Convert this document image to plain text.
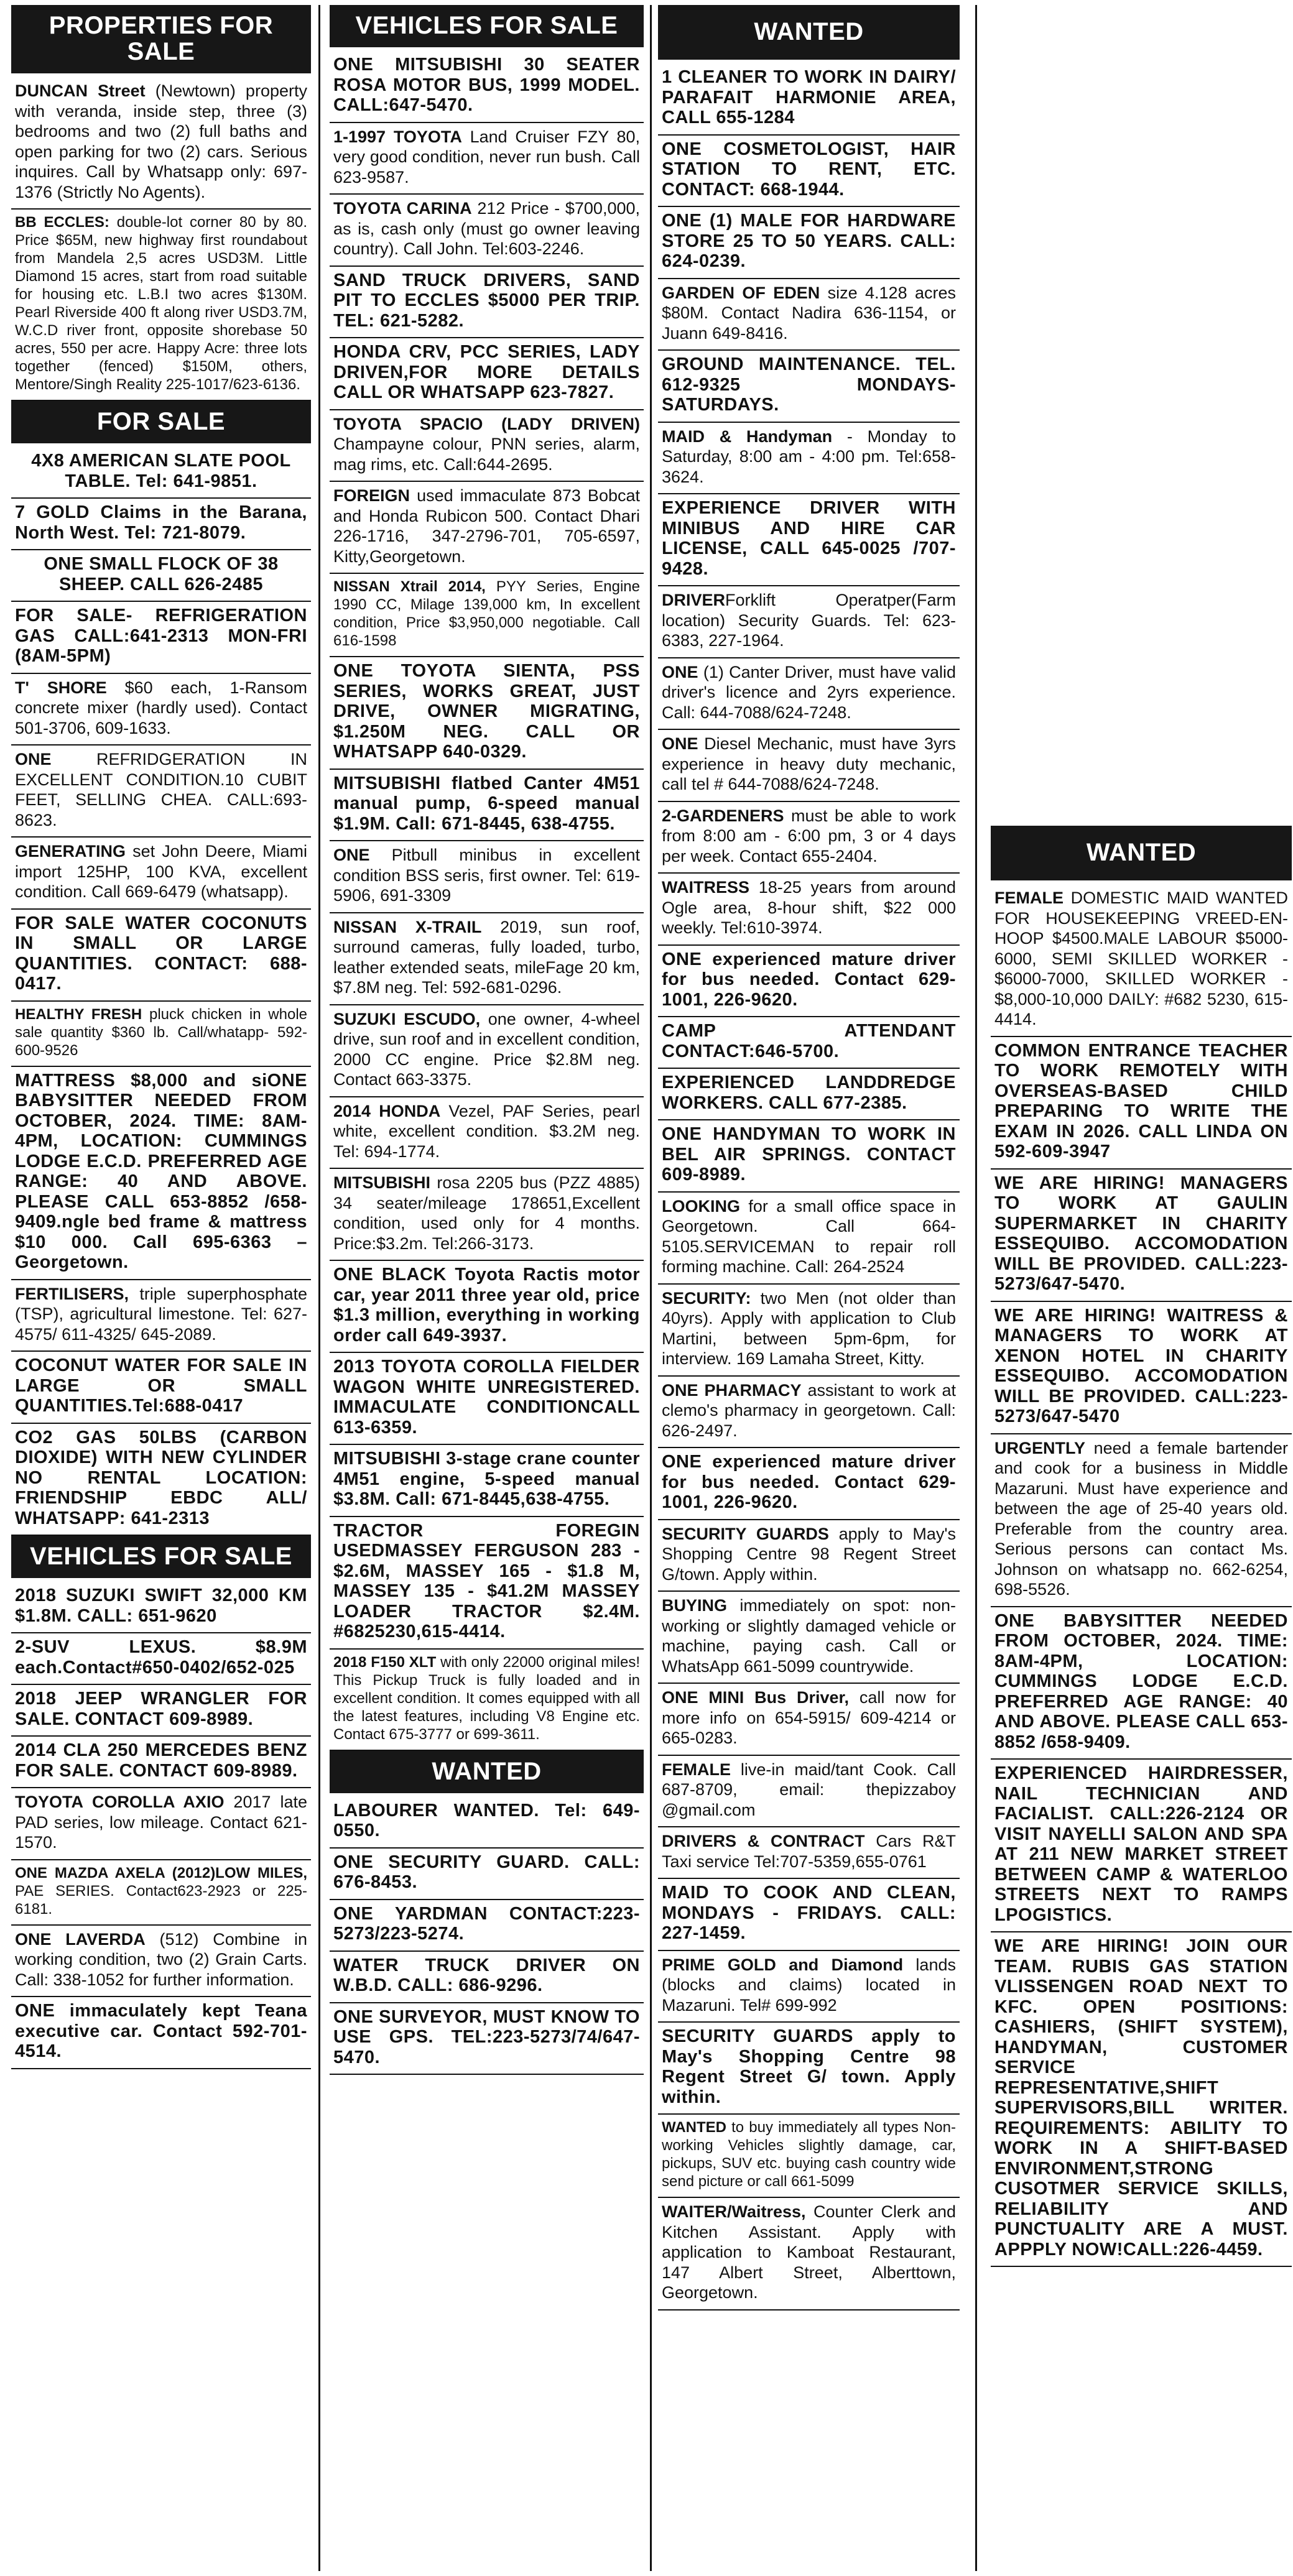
PROPERTIES FOR SALE
DUNCAN Street (Newtown) property with veranda, inside step, three (3) bedrooms and two (2) full baths and open parking for two (2) cars. Serious inquires. Call by Whatsapp only: 697-1376 (Strictly No Agents).
BB ECCLES: double-lot corner 80 by 80. Price $65M, new highway first roundabout from Mandela 2,5 acres USD3M. Little Diamond 15 acres, start from road suitable for housing etc. L.B.I two acres $130M. Pearl Riverside 400 ft along river USD3.7M, W.C.D river front, opposite shorebase 50 acres, 550 per acre. Happy Acre: three lots together (fenced) $150M, others, Mentore/Singh Reality 225-1017/623-6136.
FOR SALE
4X8 AMERICAN SLATE POOL TABLE. Tel: 641-9851.
7 GOLD Claims in the Barana, North West. Tel: 721-8079.
ONE SMALL FLOCK OF 38 SHEEP. CALL 626-2485
FOR SALE- REFRIGERATION GAS CALL:641-2313 MON-FRI (8AM-5PM)
T' SHORE $60 each, 1-Ransom concrete mixer (hardly used). Contact 501-3706, 609-1633.
ONE REFRIDGERATION IN EXCELLENT CONDITION.10 CUBIT FEET, SELLING CHEA. CALL:693-8623.
GENERATING set John Deere, Miami import 125HP, 100 KVA, excellent condition. Call 669-6479 (whatsapp).
FOR SALE WATER COCONUTS IN SMALL OR LARGE QUANTITIES. CONTACT: 688-0417.
HEALTHY FRESH pluck chicken in whole sale quantity $360 lb. Call/whatapp- 592-600-9526
MATTRESS $8,000 and siONE BABYSITTER NEEDED FROM OCTOBER, 2024. TIME: 8AM-4PM, LOCATION: CUMMINGS LODGE E.C.D. PREFERRED AGE RANGE: 40 AND ABOVE. PLEASE CALL 653-8852 /658-9409.ngle bed frame & mattress $10 000. Call 695-6363 – Georgetown.
FERTILISERS, triple superphosphate (TSP), agricultural limestone. Tel: 627-4575/ 611-4325/ 645-2089.
COCONUT WATER FOR SALE IN LARGE OR SMALL QUANTITIES.Tel:688-0417
CO2 GAS 50LBS (CARBON DIOXIDE) WITH NEW CYLINDER NO RENTAL LOCATION: FRIENDSHIP EBDC ALL/ WHATSAPP: 641-2313
VEHICLES FOR SALE
2018 SUZUKI SWIFT 32,000 KM $1.8M. CALL: 651-9620
2-SUV LEXUS. $8.9M each.Contact#650-0402/652-025
2018 JEEP WRANGLER FOR SALE. CONTACT 609-8989.
2014 CLA 250 MERCEDES BENZ FOR SALE. CONTACT 609-8989.
TOYOTA COROLLA AXIO 2017 late PAD series, low mileage. Contact 621-1570.
ONE MAZDA AXELA (2012)LOW MILES, PAE SERIES. Contact623-2923 or 225-6181.
ONE LAVERDA (512) Combine in working condition, two (2) Grain Carts. Call: 338-1052 for further information.
ONE immaculately kept Teana executive car. Contact 592-701-4514.
VEHICLES FOR SALE
ONE MITSUBISHI 30 SEATER ROSA MOTOR BUS, 1999 MODEL. CALL:647-5470.
1-1997 TOYOTA Land Cruiser FZY 80, very good condition, never run bush. Call 623-9587.
TOYOTA CARINA 212 Price - $700,000, as is, cash only (must go owner leaving country). Call John. Tel:603-2246.
SAND TRUCK DRIVERS, SAND PIT TO ECCLES $5000 PER TRIP. TEL: 621-5282.
HONDA CRV, PCC SERIES, LADY DRIVEN,FOR MORE DETAILS CALL OR WHATSAPP 623-7827.
TOYOTA SPACIO (LADY DRIVEN) Champayne colour, PNN series, alarm, mag rims, etc. Call:644-2695.
FOREIGN used immaculate 873 Bobcat and Honda Rubicon 500. Contact Dhari 226-1716, 347-2796-701, 705-6597, Kitty,Georgetown.
NISSAN Xtrail 2014, PYY Series, Engine 1990 CC, Milage 139,000 km, In excellent condition, Price $3,950,000 negotiable. Call 616-1598
ONE TOYOTA SIENTA, PSS SERIES, WORKS GREAT, JUST DRIVE, OWNER MIGRATING, $1.250M NEG. CALL OR WHATSAPP 640-0329.
MITSUBISHI flatbed Canter 4M51 manual pump, 6-speed manual $1.9M. Call: 671-8445, 638-4755.
ONE Pitbull minibus in excellent condition BSS seris, first owner. Tel: 619-5906, 691-3309
NISSAN X-TRAIL 2019, sun roof, surround cameras, fully loaded, turbo, leather extended seats, mileFage 20 km, $7.8M neg. Tel: 592-681-0296.
SUZUKI ESCUDO, one owner, 4-wheel drive, sun roof and in excellent condition, 2000 CC engine. Price $2.8M neg. Contact 663-3375.
2014 HONDA Vezel, PAF Series, pearl white, excellent condition. $3.2M neg. Tel: 694-1774.
MITSUBISHI rosa 2205 bus (PZZ 4885) 34 seater/mileage 178651,Excellent condition, used only for 4 months. Price:$3.2m. Tel:266-3173.
ONE BLACK Toyota Ractis motor car, year 2011 three year old, price $1.3 million, everything in working order call 649-3937.
2013 TOYOTA COROLLA FIELDER WAGON WHITE UNREGISTERED. IMMACULATE CONDITIONCALL 613-6359.
MITSUBISHI 3-stage crane counter 4M51 engine, 5-speed manual $3.8M. Call: 671-8445,638-4755.
TRACTOR FOREGIN USEDMASSEY FERGUSON 283 - $2.6M, MASSEY 165 - $1.8 M, MASSEY 135 - $41.2M MASSEY LOADER TRACTOR $2.4M. #6825230,615-4414.
2018 F150 XLT with only 22000 original miles! This Pickup Truck is fully loaded and in excellent condition. It comes equipped with all the latest features, including V8 Engine etc. Contact 675-3777 or 699-3611.
WANTED
LABOURER WANTED. Tel: 649-0550.
ONE SECURITY GUARD. CALL: 676-8453.
ONE YARDMAN CONTACT:223-5273/223-5274.
WATER TRUCK DRIVER ON W.B.D. CALL: 686-9296.
ONE SURVEYOR, MUST KNOW TO USE GPS. TEL:223-5273/74/647-5470.
WANTED
1 CLEANER TO WORK IN DAIRY/ PARAFAIT HARMONIE AREA, CALL 655-1284
ONE COSMETOLOGIST, HAIR STATION TO RENT, ETC. CONTACT: 668-1944.
ONE (1) MALE FOR HARDWARE STORE 25 TO 50 YEARS. CALL: 624-0239.
GARDEN OF EDEN size 4.128 acres $80M. Contact Nadira 636-1154, or Juann 649-8416.
GROUND MAINTENANCE. TEL. 612-9325 MONDAYS-SATURDAYS.
MAID & Handyman - Monday to Saturday, 8:00 am - 4:00 pm. Tel:658-3624.
EXPERIENCE DRIVER WITH MINIBUS AND HIRE CAR LICENSE, CALL 645-0025 /707-9428.
DRIVERForklift Operatper(Farm location) Security Guards. Tel: 623-6383, 227-1964.
ONE (1) Canter Driver, must have valid driver's licence and 2yrs experience. Call: 644-7088/624-7248.
ONE Diesel Mechanic, must have 3yrs experience in heavy duty mechanic, call tel # 644-7088/624-7248.
2-GARDENERS must be able to work from 8:00 am - 6:00 pm, 3 or 4 days per week. Contact 655-2404.
WAITRESS 18-25 years from around Ogle area, 8-hour shift, $22 000 weekly. Tel:610-3974.
ONE experienced mature driver for bus needed. Contact 629-1001, 226-9620.
CAMP ATTENDANT CONTACT:646-5700.
EXPERIENCED LANDDREDGE WORKERS. CALL 677-2385.
ONE HANDYMAN TO WORK IN BEL AIR SPRINGS. CONTACT 609-8989.
LOOKING for a small office space in Georgetown. Call 664-5105.SERVICEMAN to repair roll forming machine. Call: 264-2524
SECURITY: two Men (not older than 40yrs). Apply with application to Club Martini, between 5pm-6pm, for interview. 169 Lamaha Street, Kitty.
ONE PHARMACY assistant to work at clemo's pharmacy in georgetown. Call: 626-2497.
ONE experienced mature driver for bus needed. Contact 629-1001, 226-9620.
SECURITY GUARDS apply to May's Shopping Centre 98 Regent Street G/town. Apply within.
BUYING immediately on spot: non-working or slightly damaged vehicle or machine, paying cash. Call or WhatsApp 661-5099 countrywide.
ONE MINI Bus Driver, call now for more info on 654-5915/ 609-4214 or 665-0283.
FEMALE live-in maid/tant Cook. Call 687-8709, email: thepizzaboy @gmail.com
DRIVERS & CONTRACT Cars R&T Taxi service Tel:707-5359,655-0761
MAID TO COOK AND CLEAN, MONDAYS - FRIDAYS. CALL: 227-1459.
PRIME GOLD and Diamond lands (blocks and claims) located in Mazaruni. Tel# 699-992
SECURITY GUARDS apply to May's Shopping Centre 98 Regent Street G/ town. Apply within.
WANTED to buy immediately all types Non-working Vehicles slightly damage, car, pickups, SUV etc. buying cash country wide send picture or call 661-5099
WAITER/Waitress, Counter Clerk and Kitchen Assistant. Apply with application to Kamboat Restaurant, 147 Albert Street, Alberttown, Georgetown.
WANTED
FEMALE DOMESTIC MAID WANTED FOR HOUSEKEEPING VREED-EN-HOOP $4500.MALE LABOUR $5000-6000, SEMI SKILLED WORKER - $6000-7000, SKILLED WORKER - $8,000-10,000 DAILY: #682 5230, 615-4414.
COMMON ENTRANCE TEACHER TO WORK REMOTELY WITH OVERSEAS-BASED CHILD PREPARING TO WRITE THE EXAM IN 2026. CALL LINDA ON 592-609-3947
WE ARE HIRING! MANAGERS TO WORK AT GAULIN SUPERMARKET IN CHARITY ESSEQUIBO. ACCOMODATION WILL BE PROVIDED. CALL:223-5273/647-5470.
WE ARE HIRING! WAITRESS & MANAGERS TO WORK AT XENON HOTEL IN CHARITY ESSEQUIBO. ACCOMODATION WILL BE PROVIDED. CALL:223-5273/647-5470
URGENTLY need a female bartender and cook for a business in Middle Mazaruni. Must have experience and between the age of 25-40 years old. Preferable from the country area. Serious persons can contact Ms. Johnson on whatsapp no. 662-6254, 698-5526.
ONE BABYSITTER NEEDED FROM OCTOBER, 2024. TIME: 8AM-4PM, LOCATION: CUMMINGS LODGE E.C.D. PREFERRED AGE RANGE: 40 AND ABOVE. PLEASE CALL 653-8852 /658-9409.
EXPERIENCED HAIRDRESSER, NAIL TECHNICIAN AND FACIALIST. CALL:226-2124 OR VISIT NAYELLI SALON AND SPA AT 211 NEW MARKET STREET BETWEEN CAMP & WATERLOO STREETS NEXT TO RAMPS LPOGISTICS.
WE ARE HIRING! JOIN OUR TEAM. RUBIS GAS STATION VLISSENGEN ROAD NEXT TO KFC. OPEN POSITIONS: CASHIERS, (SHIFT SYSTEM), HANDYMAN, CUSTOMER SERVICE REPRESENTATIVE,SHIFT SUPERVISORS,BILL WRITER. REQUIREMENTS: ABILITY TO WORK IN A SHIFT-BASED ENVIRONMENT,STRONG CUSOTMER SERVICE SKILLS, RELIABILITY AND PUNCTUALITY ARE A MUST. APPPLY NOW!CALL:226-4459.
